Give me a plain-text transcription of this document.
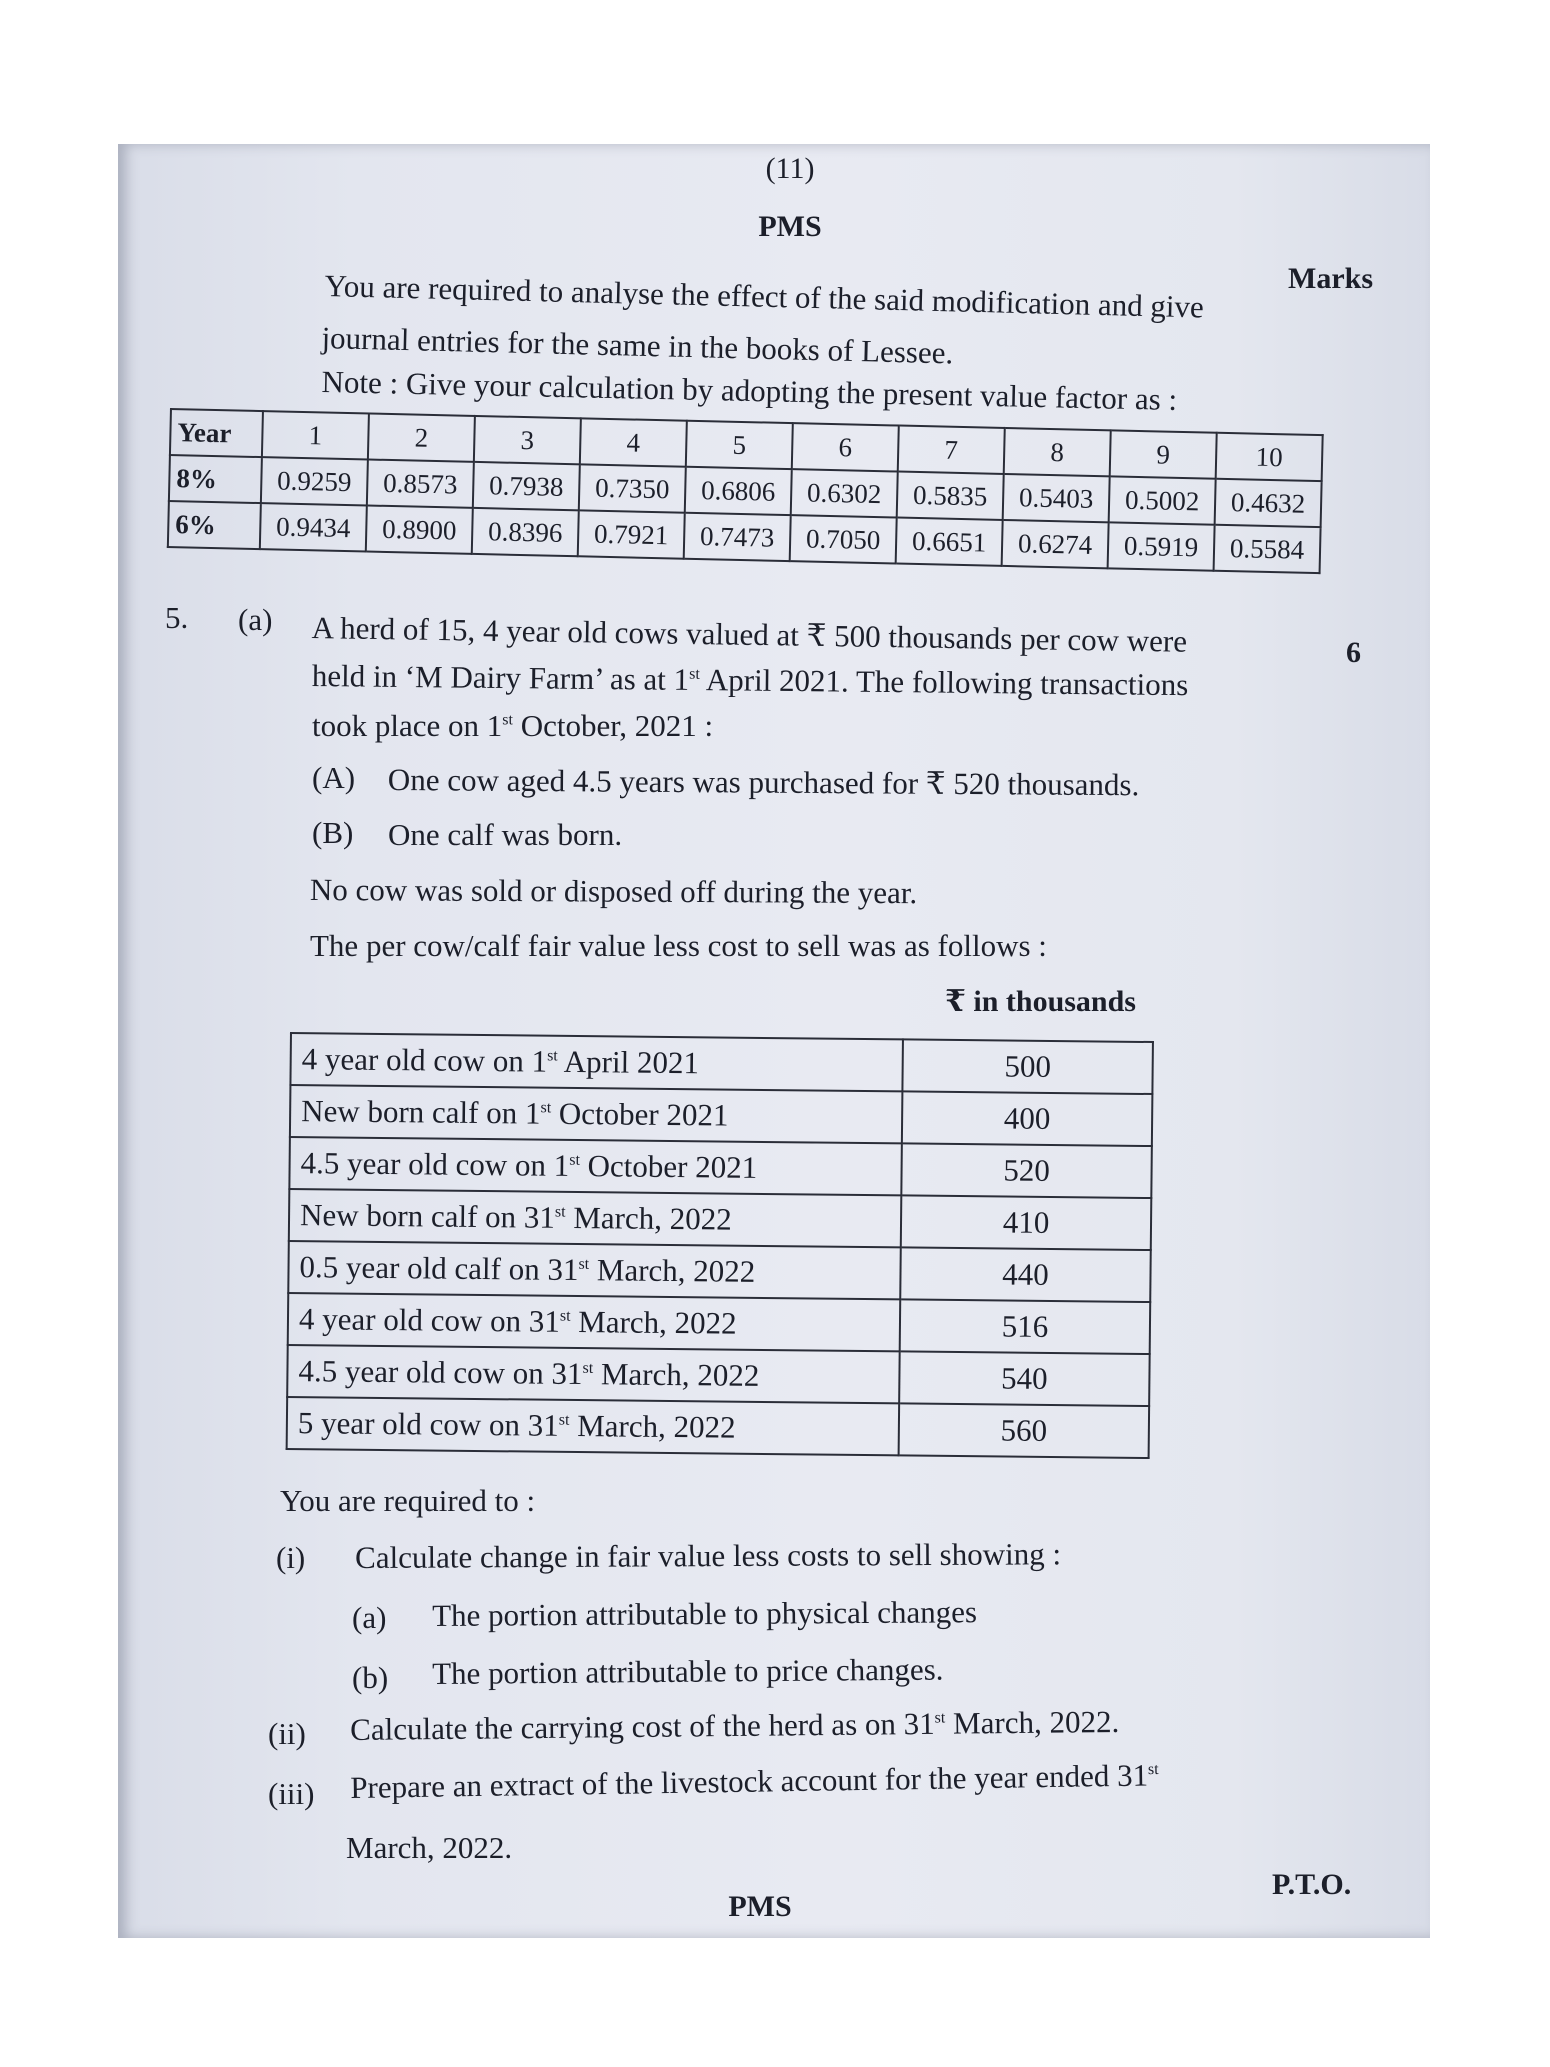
(11)
PMS
Marks
You are required to analyse the effect of the said modification and give
journal entries for the same in the books of Lessee.
Note : Give your calculation by adopting the present value factor as :
Year	1	2	3	4	5	6	7	8	9	10
8%	0.9259	0.8573	0.7938	0.7350	0.6806	0.6302	0.5835	0.5403	0.5002	0.4632
6%	0.9434	0.8900	0.8396	0.7921	0.7473	0.7050	0.6651	0.6274	0.5919	0.5584
5. (a)
6
A herd of 15, 4 year old cows valued at ₹ 500 thousands per cow were
held in ‘M Dairy Farm’ as at 1st April 2021. The following transactions
took place on 1st October, 2021 :
(A) One cow aged 4.5 years was purchased for ₹ 520 thousands.
(B) One calf was born.
No cow was sold or disposed off during the year.
The per cow/calf fair value less cost to sell was as follows :
₹ in thousands
4 year old cow on 1st April 2021	500
New born calf on 1st October 2021	400
4.5 year old cow on 1st October 2021	520
New born calf on 31st March, 2022	410
0.5 year old calf on 31st March, 2022	440
4 year old cow on 31st March, 2022	516
4.5 year old cow on 31st March, 2022	540
5 year old cow on 31st March, 2022	560
You are required to :
(i) Calculate change in fair value less costs to sell showing :
(a) The portion attributable to physical changes
(b) The portion attributable to price changes.
(ii) Calculate the carrying cost of the herd as on 31st March, 2022.
(iii) Prepare an extract of the livestock account for the year ended 31st
March, 2022.
P.T.O.
PMS
